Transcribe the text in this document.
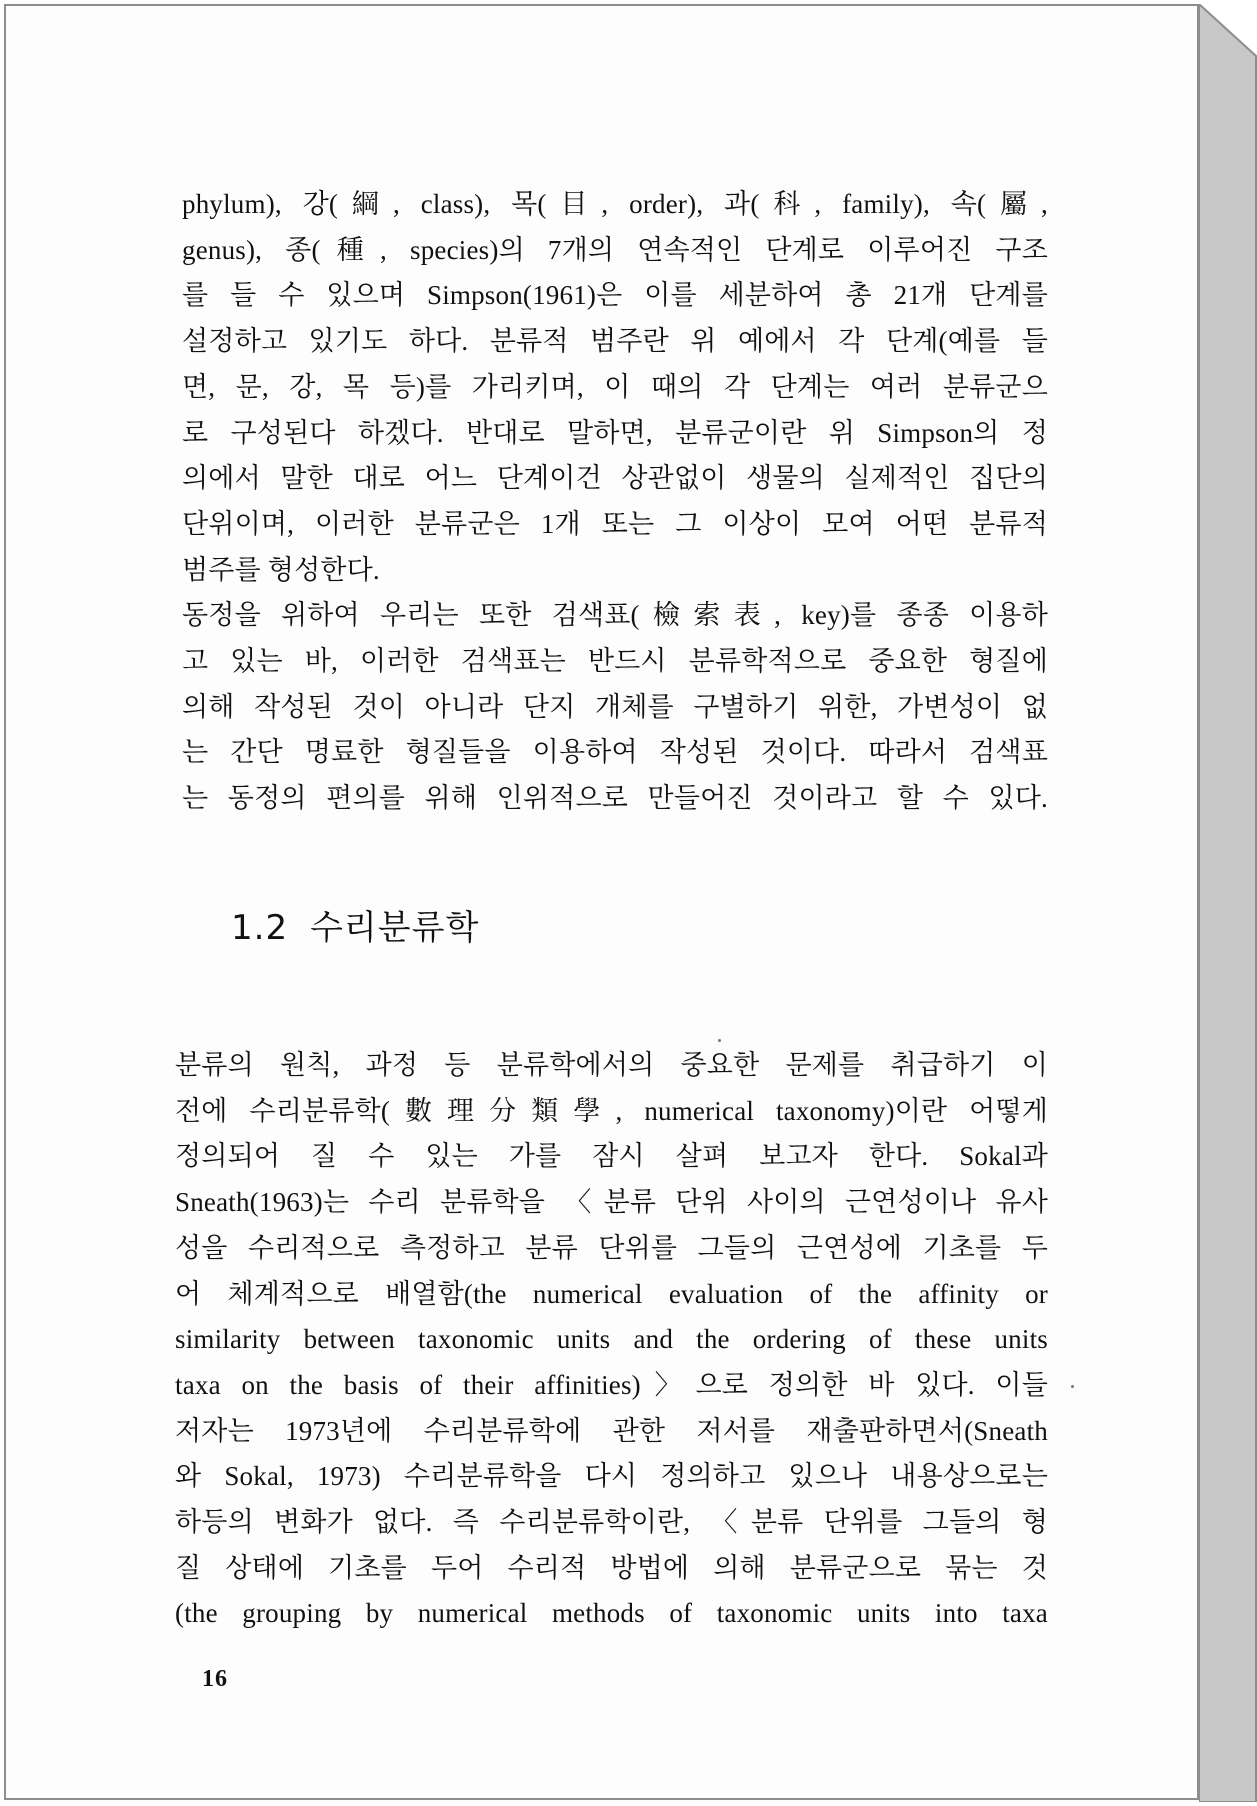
phylum), 강(綱, class), 목(目, order), 과(科, family), 속(屬,

genus), 종(種, species)의 7개의 연속적인 단계로 이루어진 구조

를 들 수 있으며 Simpson(1961)은 이를 세분하여 총 21개 단계를

설정하고 있기도 하다. 분류적 범주란 위 예에서 각 단계(예를 들

면, 문, 강, 목 등)를 가리키며, 이 때의 각 단계는 여러 분류군으

로 구성된다 하겠다. 반대로 말하면, 분류군이란 위 Simpson의 정

의에서 말한 대로 어느 단계이건 상관없이 생물의 실제적인 집단의

단위이며, 이러한 분류군은 1개 또는 그 이상이 모여 어떤 분류적

범주를 형성한다.

동정을 위하여 우리는 또한 검색표(檢索表, key)를 종종 이용하

고 있는 바, 이러한 검색표는 반드시 분류학적으로 중요한 형질에

의해 작성된 것이 아니라 단지 개체를 구별하기 위한, 가변성이 없

는 간단 명료한 형질들을 이용하여 작성된 것이다. 따라서 검색표

는 동정의 편의를 위해 인위적으로 만들어진 것이라고 할 수 있다.

1.2 수리분류학

분류의 원칙, 과정 등 분류학에서의 중요한 문제를 취급하기 이

전에 수리분류학(數理分類學, numerical taxonomy)이란 어떻게

정의되어 질 수 있는 가를 잠시 살펴 보고자 한다. Sokal과

Sneath(1963)는 수리 분류학을 〈분류 단위 사이의 근연성이나 유사

성을 수리적으로 측정하고 분류 단위를 그들의 근연성에 기초를 두

어 체계적으로 배열함(the numerical evaluation of the affinity or

similarity between taxonomic units and the ordering of these units

taxa on the basis of their affinities)〉으로 정의한 바 있다. 이들

저자는 1973년에 수리분류학에 관한 저서를 재출판하면서(Sneath

와 Sokal, 1973) 수리분류학을 다시 정의하고 있으나 내용상으로는

하등의 변화가 없다. 즉 수리분류학이란, 〈분류 단위를 그들의 형

질 상태에 기초를 두어 수리적 방법에 의해 분류군으로 묶는 것

(the grouping by numerical methods of taxonomic units into taxa

16
